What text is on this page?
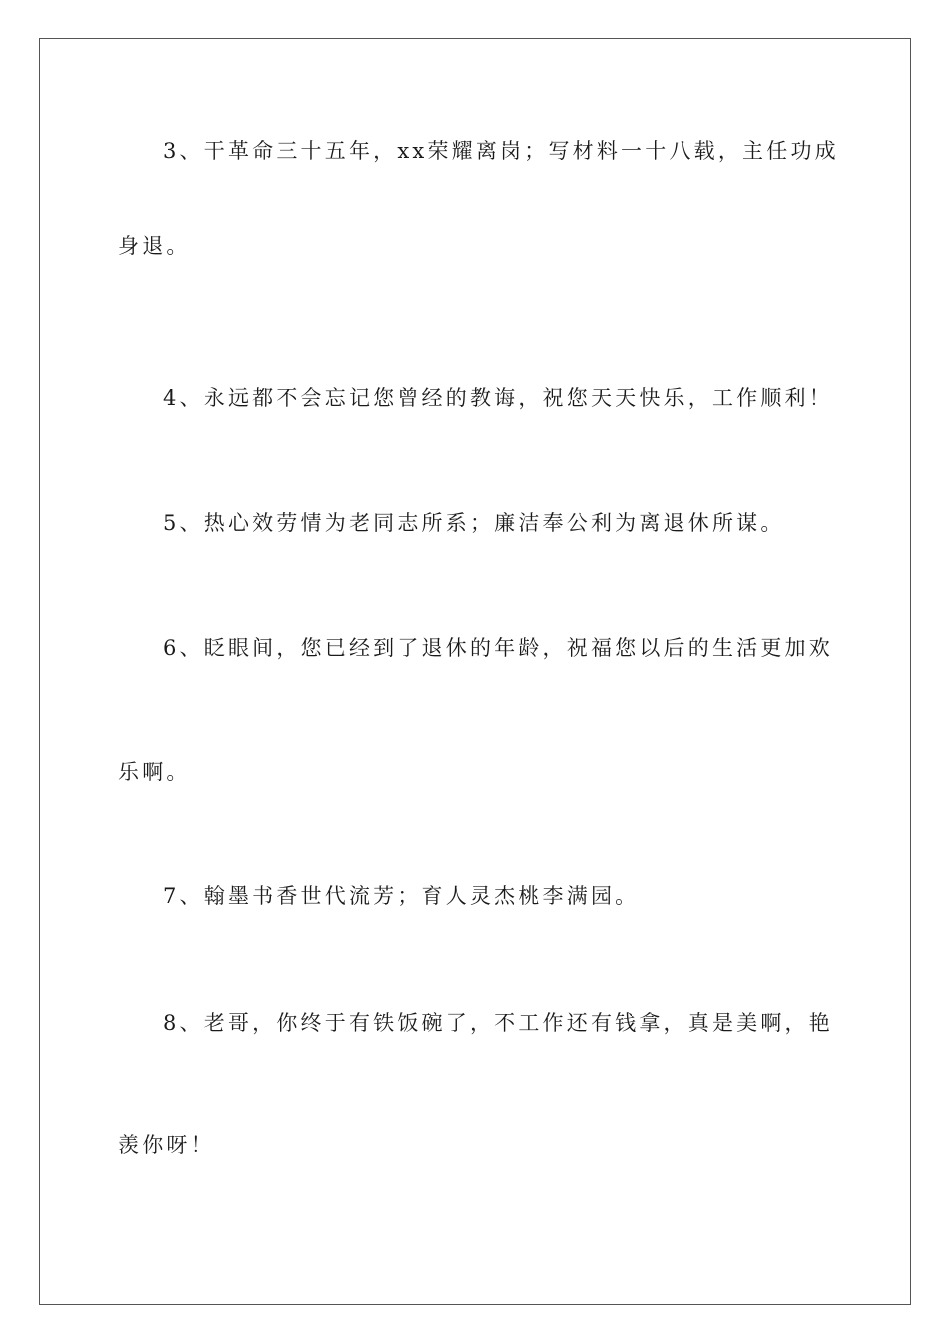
3、干革命三十五年，xx荣耀离岗；写材料一十八载，主任功成
身退。
4、永远都不会忘记您曾经的教诲，祝您天天快乐，工作顺利！
5、热心效劳情为老同志所系；廉洁奉公利为离退休所谋。
6、眨眼间，您已经到了退休的年龄，祝福您以后的生活更加欢
乐啊。
7、翰墨书香世代流芳；育人灵杰桃李满园。
8、老哥，你终于有铁饭碗了，不工作还有钱拿，真是美啊，艳
羡你呀！
